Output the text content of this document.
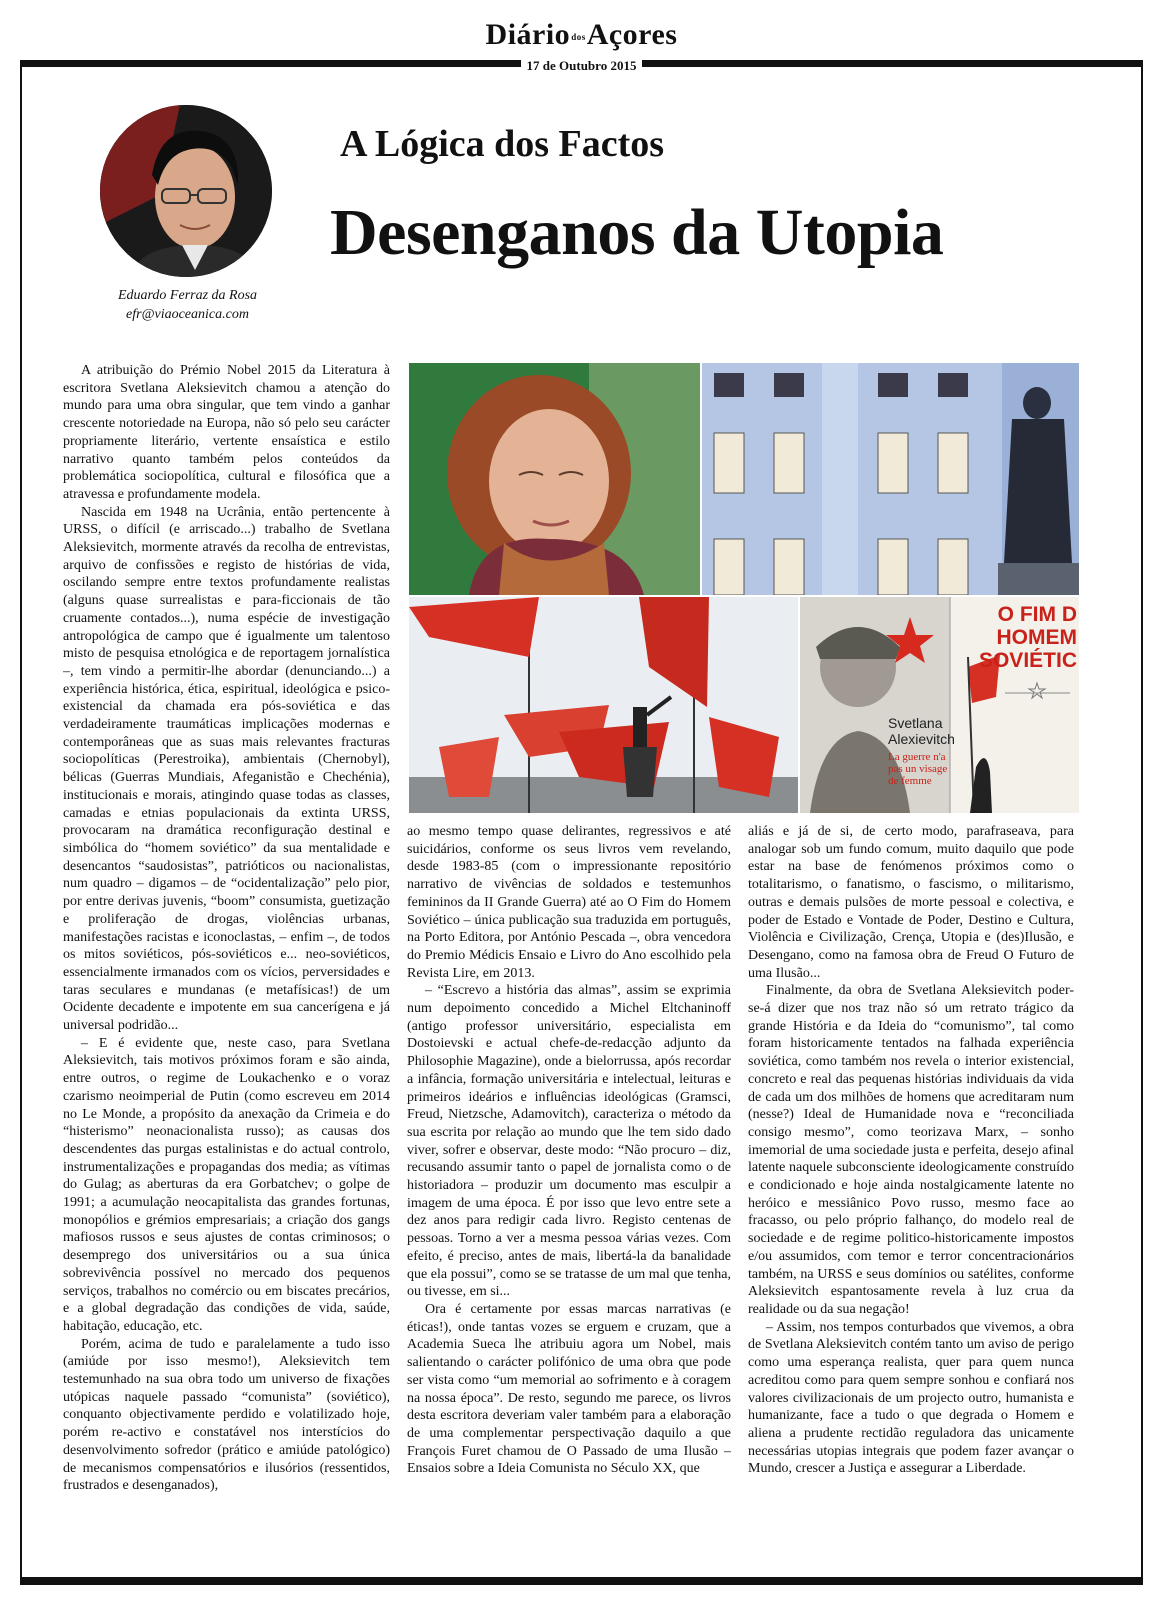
DiáriodosAçores
17 de Outubro 2015
Eduardo Ferraz da Rosa
efr@viaoceanica.com
A Lógica dos Factos
Desenganos da Utopia
O FIM D
HOMEM
SOVIÉTIC
Svetlana
Alexievitch
La guerre n'a pas un visage de femme

A atribuição do Prémio Nobel 2015 da Literatura à escritora Svetlana Aleksievitch chamou a atenção do mundo para uma obra singular, que tem vindo a ganhar crescente notoriedade na Europa, não só pelo seu carácter propriamente literário, vertente ensaística e estilo narrativo quanto também pelos conteúdos da problemática sociopolítica, cultural e filosófica que a atravessa e profundamente modela.

Nascida em 1948 na Ucrânia, então pertencente à URSS, o difícil (e arriscado...) trabalho de Svetlana Aleksievitch, mormente através da recolha de entrevistas, arquivo de confissões e registo de histórias de vida, oscilando sempre entre textos profundamente realistas (alguns quase surrealistas e para-ficcionais de tão cruamente contados...), numa espécie de investigação antropológica de campo que é igualmente um talentoso misto de pesquisa etnológica e de reportagem jornalística –, tem vindo a permitir-lhe abordar (denunciando...) a experiência histórica, ética, espiritual, ideológica e psico-existencial da chamada era pós-soviética e das verdadeiramente traumáticas implicações modernas e contemporâneas que as suas mais relevantes fracturas sociopolíticas (Perestroika), ambientais (Chernobyl), bélicas (Guerras Mundiais, Afeganistão e Chechénia), institucionais e morais, atingindo quase todas as classes, camadas e etnias populacionais da extinta URSS, provocaram na dramática reconfiguração destinal e simbólica do “homem soviético” da sua mentalidade e desencantos “saudosistas”, patrióticos ou nacionalistas, num quadro – digamos – de “ocidentalização” pelo pior, por entre derivas juvenis, “boom” consumista, guetização e proliferação de drogas, violências urbanas, manifestações racistas e iconoclastas, – enfim –, de todos os mitos soviéticos, pós-soviéticos e... neo-soviéticos, essencialmente irmanados com os vícios, perversidades e taras seculares e mundanas (e metafísicas!) de um Ocidente decadente e impotente em sua cancerígena e já universal podridão...

– E é evidente que, neste caso, para Svetlana Aleksievitch, tais motivos próximos foram e são ainda, entre outros, o regime de Loukachenko e o voraz czarismo neoimperial de Putin (como escreveu em 2014 no Le Monde, a propósito da anexação da Crimeia e do “histerismo” neonacionalista russo); as causas dos descendentes das purgas estalinistas e do actual controlo, instrumentalizações e propagandas dos media; as vítimas do Gulag; as aberturas da era Gorbatchev; o golpe de 1991; a acumulação neocapitalista das grandes fortunas, monopólios e grémios empresariais; a criação dos gangs mafiosos russos e seus ajustes de contas criminosos; o desemprego dos universitários ou a sua única sobrevivência possível no mercado dos pequenos serviços, trabalhos no comércio ou em biscates precários, e a global degradação das condições de vida, saúde, habitação, educação, etc.

Porém, acima de tudo e paralelamente a tudo isso (amiúde por isso mesmo!), Aleksievitch tem testemunhado na sua obra todo um universo de fixações utópicas naquele passado “comunista” (soviético), conquanto objectivamente perdido e volatilizado hoje, porém re-activo e constatável nos interstícios do desenvolvimento sofredor (prático e amiúde patológico) de mecanismos compensatórios e ilusórios (ressentidos, frustrados e desenganados),

ao mesmo tempo quase delirantes, regressivos e até suicidários, conforme os seus livros vem revelando, desde 1983-85 (com o impressionante repositório narrativo de vivências de soldados e testemunhos femininos da II Grande Guerra) até ao O Fim do Homem Soviético – única publicação sua traduzida em português, na Porto Editora, por António Pescada –, obra vencedora do Premio Médicis Ensaio e Livro do Ano escolhido pela Revista Lire, em 2013.

– “Escrevo a história das almas”, assim se exprimia num depoimento concedido a Michel Eltchaninoff (antigo professor universitário, especialista em Dostoievski e actual chefe-de-redacção adjunto da Philosophie Magazine), onde a bielorrussa, após recordar a infância, formação universitária e intelectual, leituras e primeiros ideários e influências ideológicas (Gramsci, Freud, Nietzsche, Adamovitch), caracteriza o método da sua escrita por relação ao mundo que lhe tem sido dado viver, sofrer e observar, deste modo: “Não procuro – diz, recusando assumir tanto o papel de jornalista como o de historiadora – produzir um documento mas esculpir a imagem de uma época. É por isso que levo entre sete a dez anos para redigir cada livro. Registo centenas de pessoas. Torno a ver a mesma pessoa várias vezes. Com efeito, é preciso, antes de mais, libertá-la da banalidade que ela possui”, como se se tratasse de um mal que tenha, ou tivesse, em si...

Ora é certamente por essas marcas narrativas (e éticas!), onde tantas vozes se erguem e cruzam, que a Academia Sueca lhe atribuiu agora um Nobel, mais salientando o carácter polifónico de uma obra que pode ser vista como “um memorial ao sofrimento e à coragem na nossa época”. De resto, segundo me parece, os livros desta escritora deveriam valer também para a elaboração de uma complementar perspectivação daquilo a que François Furet chamou de O Passado de uma Ilusão – Ensaios sobre a Ideia Comunista no Século XX, que

aliás e já de si, de certo modo, parafraseava, para analogar sob um fundo comum, muito daquilo que pode estar na base de fenómenos próximos como o totalitarismo, o fanatismo, o fascismo, o militarismo, outras e demais pulsões de morte pessoal e colectiva, e poder de Estado e Vontade de Poder, Destino e Cultura, Violência e Civilização, Crença, Utopia e (des)Ilusão, e Desengano, como na famosa obra de Freud O Futuro de uma Ilusão...

Finalmente, da obra de Svetlana Aleksievitch poder-se-á dizer que nos traz não só um retrato trágico da grande História e da Ideia do “comunismo”, tal como foram historicamente tentados na falhada experiência soviética, como também nos revela o interior existencial, concreto e real das pequenas histórias individuais da vida de cada um dos milhões de homens que acreditaram num (nesse?) Ideal de Humanidade nova e “reconciliada consigo mesmo”, como teorizava Marx, – sonho imemorial de uma sociedade justa e perfeita, desejo afinal latente naquele subconsciente ideologicamente construído e condicionado e hoje ainda nostalgicamente latente no heróico e messiânico Povo russo, mesmo face ao fracasso, ou pelo próprio falhanço, do modelo real de sociedade e de regime politico-historicamente impostos e/ou assumidos, com temor e terror concentracionários também, na URSS e seus domínios ou satélites, conforme Aleksievitch espantosamente revela à luz crua da realidade ou da sua negação!

– Assim, nos tempos conturbados que vivemos, a obra de Svetlana Aleksievitch contém tanto um aviso de perigo como uma esperança realista, quer para quem nunca acreditou como para quem sempre sonhou e confiará nos valores civilizacionais de um projecto outro, humanista e humanizante, face a tudo o que degrada o Homem e aliena a prudente rectidão reguladora das unicamente necessárias utopias integrais que podem fazer avançar o Mundo, crescer a Justiça e assegurar a Liberdade.
